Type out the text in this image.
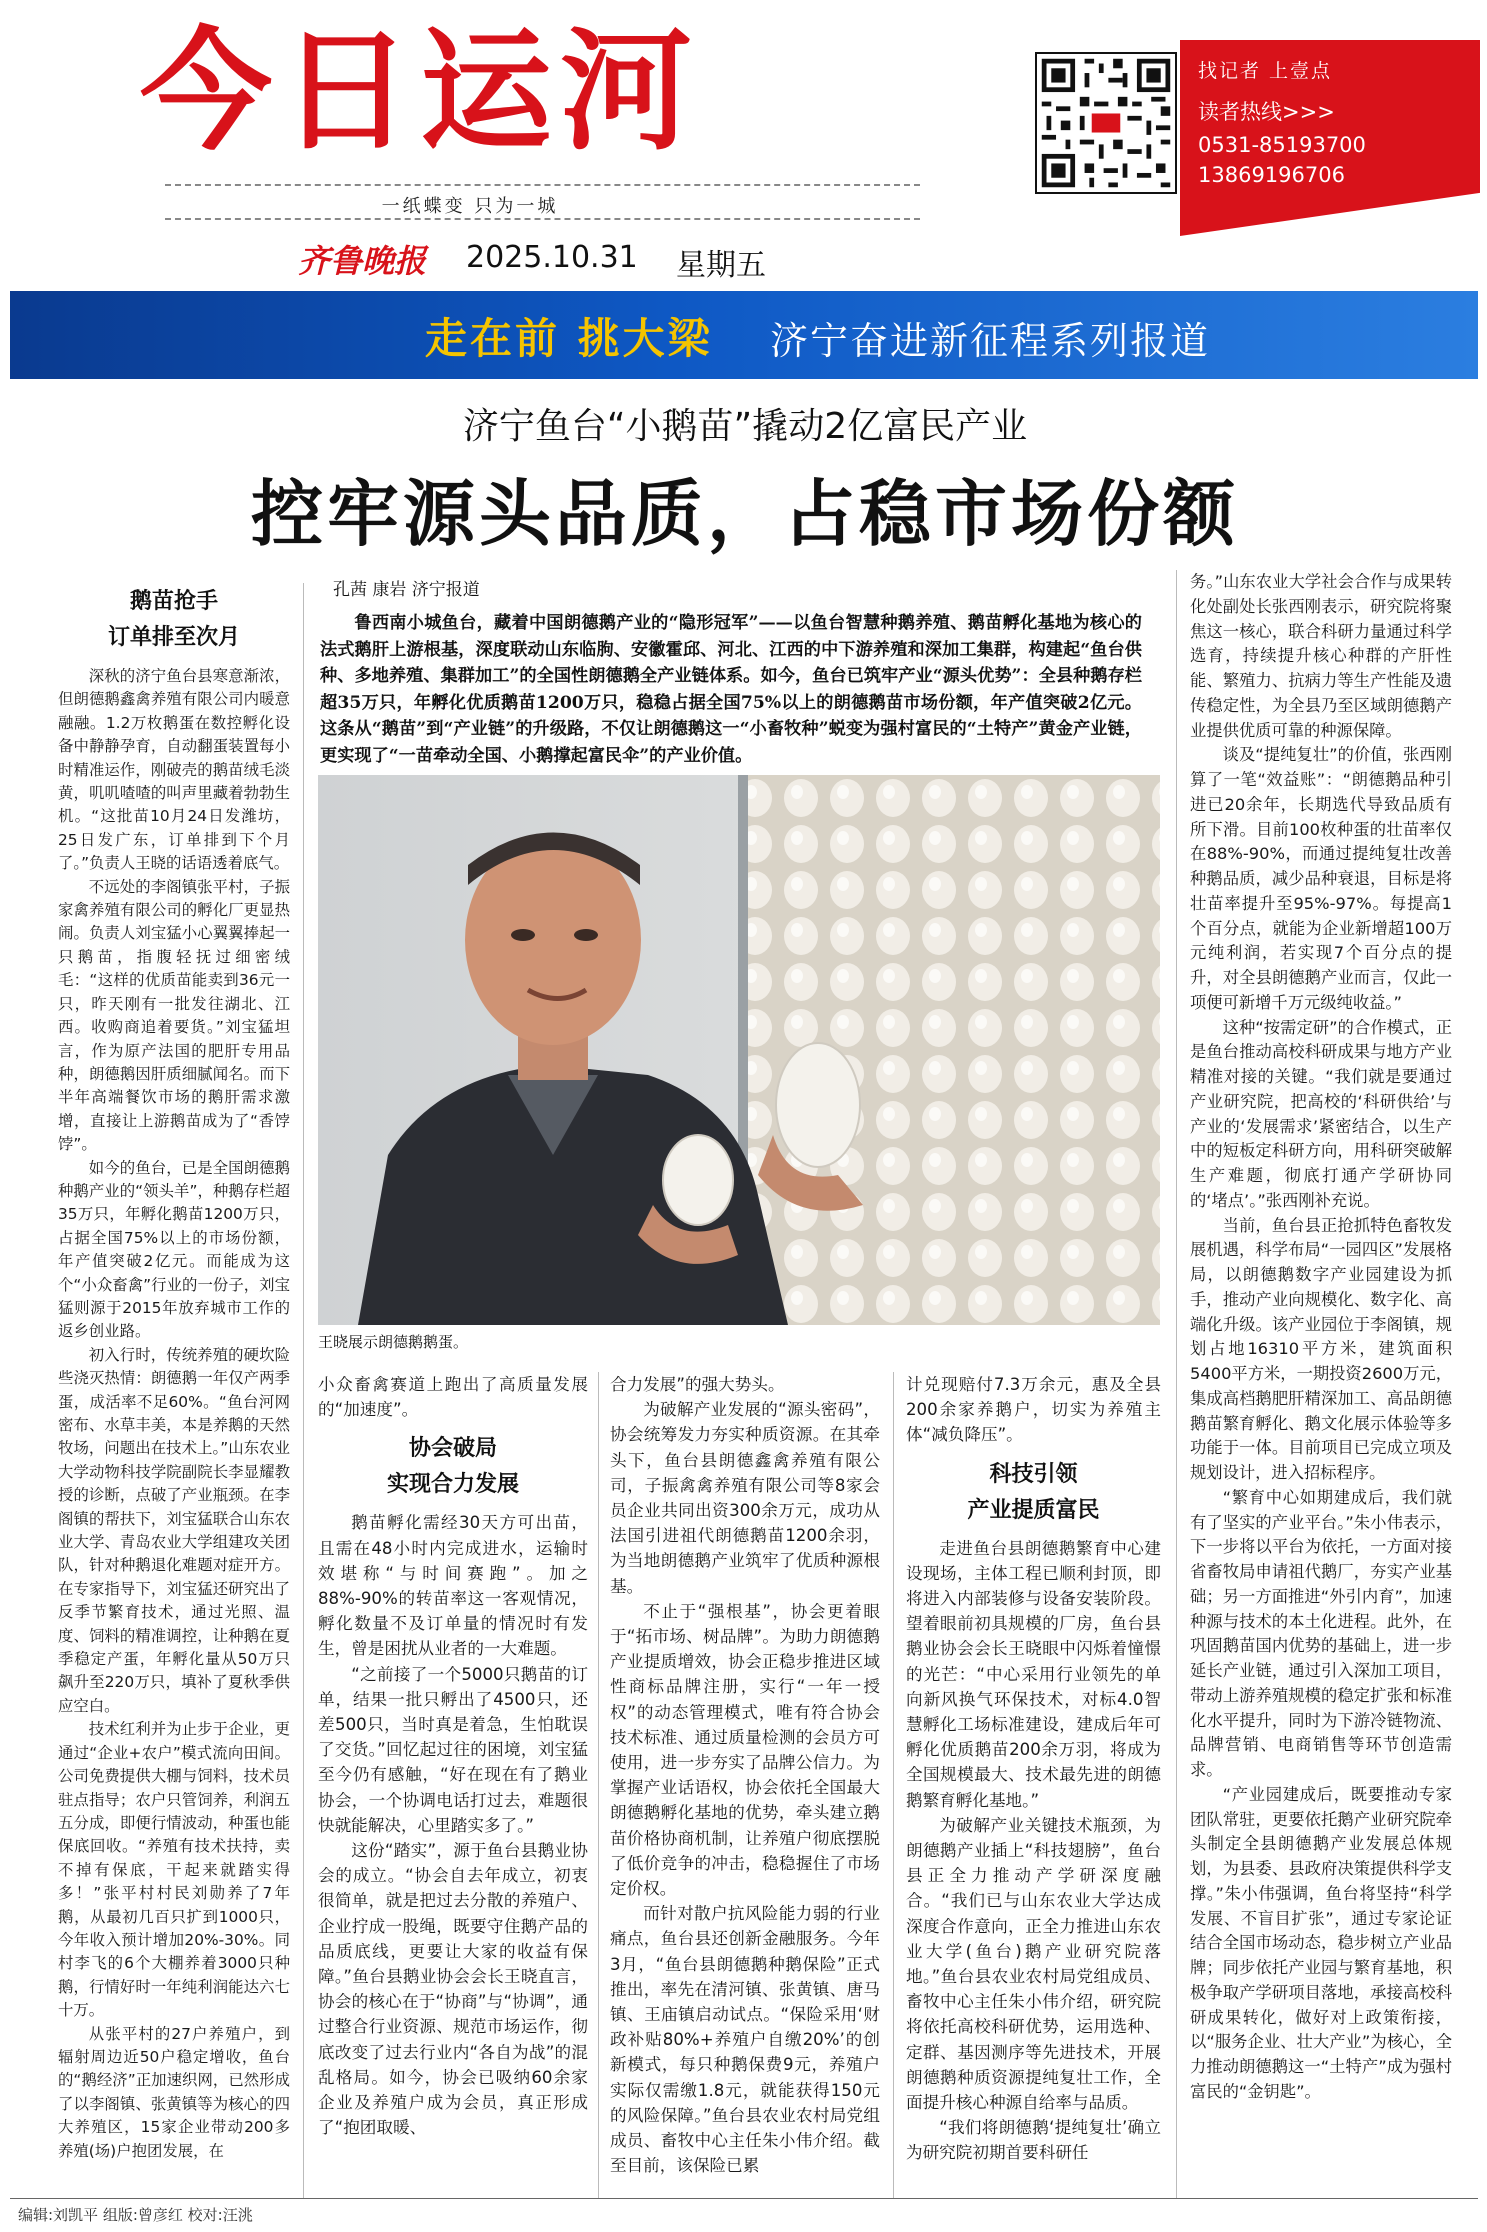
今日运河
一纸蝶变 只为一城
齐鲁晚报 2025.10.31 星期五
找记者 上壹点
读者热线>>>
0531-85193700
13869196706
走在前 挑大梁 济宁奋进新征程系列报道
济宁鱼台“小鹅苗”撬动2亿富民产业
控牢源头品质，占稳市场份额
鹅苗抢手
订单排至次月

深秋的济宁鱼台县寒意渐浓，但朗德鹅鑫禽养殖有限公司内暖意融融。1.2万枚鹅蛋在数控孵化设备中静静孕育，自动翻蛋装置每小时精准运作，刚破壳的鹅苗绒毛淡黄，叽叽喳喳的叫声里藏着勃勃生机。“这批苗10月24日发潍坊，25日发广东，订单排到下个月了。”负责人王晓的话语透着底气。

不远处的李阁镇张平村，子振家禽养殖有限公司的孵化厂更显热闹。负责人刘宝猛小心翼翼捧起一只鹅苗，指腹轻抚过细密绒毛：“这样的优质苗能卖到36元一只，昨天刚有一批发往湖北、江西。收购商追着要货。”刘宝猛坦言，作为原产法国的肥肝专用品种，朗德鹅因肝质细腻闻名。而下半年高端餐饮市场的鹅肝需求激增，直接让上游鹅苗成为了“香饽饽”。

如今的鱼台，已是全国朗德鹅种鹅产业的“领头羊”，种鹅存栏超35万只，年孵化鹅苗1200万只，占据全国75%以上的市场份额，年产值突破2亿元。而能成为这个“小众畜禽”行业的一份子，刘宝猛则源于2015年放弃城市工作的返乡创业路。

初入行时，传统养殖的硬坎险些浇灭热情：朗德鹅一年仅产两季蛋，成活率不足60%。“鱼台河网密布、水草丰美，本是养鹅的天然牧场，问题出在技术上。”山东农业大学动物科技学院副院长李显耀教授的诊断，点破了产业瓶颈。在李阁镇的帮扶下，刘宝猛联合山东农业大学、青岛农业大学组建攻关团队，针对种鹅退化难题对症开方。在专家指导下，刘宝猛还研究出了反季节繁育技术，通过光照、温度、饲料的精准调控，让种鹅在夏季稳定产蛋，年孵化量从50万只飙升至220万只，填补了夏秋季供应空白。

技术红利并为止步于企业，更通过“企业+农户”模式流向田间。公司免费提供大棚与饲料，技术员驻点指导；农户只管饲养，利润五五分成，即便行情波动，种蛋也能保底回收。“养殖有技术扶持，卖不掉有保底，干起来就踏实得多！”张平村村民刘勋养了7年鹅，从最初几百只扩到1000只，今年收入预计增加20%-30%。同村李飞的6个大棚养着3000只种鹅，行情好时一年纯利润能达六七十万。

从张平村的27户养殖户，到辐射周边近50户稳定增收，鱼台的“鹅经济”正加速织网，已然形成了以李阁镇、张黄镇等为核心的四大养殖区，15家企业带动200多养殖(场)户抱团发展，在

孔茜 康岩 济宁报道

鲁西南小城鱼台，藏着中国朗德鹅产业的“隐形冠军”——以鱼台智慧种鹅养殖、鹅苗孵化基地为核心的法式鹅肝上游根基，深度联动山东临朐、安徽霍邱、河北、江西的中下游养殖和深加工集群，构建起“鱼台供种、多地养殖、集群加工”的全国性朗德鹅全产业链体系。如今，鱼台已筑牢产业“源头优势”：全县种鹅存栏超35万只，年孵化优质鹅苗1200万只，稳稳占据全国75%以上的朗德鹅苗市场份额，年产值突破2亿元。这条从“鹅苗”到“产业链”的升级路，不仅让朗德鹅这一“小畜牧种”蜕变为强村富民的“土特产”黄金产业链，更实现了“一苗牵动全国、小鹅撑起富民伞”的产业价值。

王晓展示朗德鹅鹅蛋。

小众畜禽赛道上跑出了高质量发展的“加速度”。

协会破局
实现合力发展

鹅苗孵化需经30天方可出苗，且需在48小时内完成进水，运输时效堪称“与时间赛跑”。加之88%-90%的转苗率这一客观情况，孵化数量不及订单量的情况时有发生，曾是困扰从业者的一大难题。

“之前接了一个5000只鹅苗的订单，结果一批只孵出了4500只，还差500只，当时真是着急，生怕耽误了交货。”回忆起过往的困境，刘宝猛至今仍有感触，“好在现在有了鹅业协会，一个协调电话打过去，难题很快就能解决，心里踏实多了。”

这份“踏实”，源于鱼台县鹅业协会的成立。“协会自去年成立，初衷很简单，就是把过去分散的养殖户、企业拧成一股绳，既要守住鹅产品的品质底线，更要让大家的收益有保障。”鱼台县鹅业协会会长王晓直言，协会的核心在于“协商”与“协调”，通过整合行业资源、规范市场运作，彻底改变了过去行业内“各自为战”的混乱格局。如今，协会已吸纳60余家企业及养殖户成为会员，真正形成了“抱团取暖、

合力发展”的强大势头。

为破解产业发展的“源头密码”，协会统筹发力夯实种质资源。在其牵头下，鱼台县朗德鑫禽养殖有限公司，子振禽禽养殖有限公司等8家会员企业共同出资300余万元，成功从法国引进祖代朗德鹅苗1200余羽，为当地朗德鹅产业筑牢了优质种源根基。

不止于“强根基”，协会更着眼于“拓市场、树品牌”。为助力朗德鹅产业提质增效，协会正稳步推进区域性商标品牌注册，实行“一年一授权”的动态管理模式，唯有符合协会技术标准、通过质量检测的会员方可使用，进一步夯实了品牌公信力。为掌握产业话语权，协会依托全国最大朗德鹅孵化基地的优势，牵头建立鹅苗价格协商机制，让养殖户彻底摆脱了低价竞争的冲击，稳稳握住了市场定价权。

而针对散户抗风险能力弱的行业痛点，鱼台县还创新金融服务。今年3月，“鱼台县朗德鹅种鹅保险”正式推出，率先在清河镇、张黄镇、唐马镇、王庙镇启动试点。“保险采用‘财政补贴80%+养殖户自缴20%’的创新模式，每只种鹅保费9元，养殖户实际仅需缴1.8元，就能获得150元的风险保障。”鱼台县农业农村局党组成员、畜牧中心主任朱小伟介绍。截至目前，该保险已累

计兑现赔付7.3万余元，惠及全县200余家养鹅户，切实为养殖主体“减负降压”。

科技引领
产业提质富民

走进鱼台县朗德鹅繁育中心建设现场，主体工程已顺利封顶，即将进入内部装修与设备安装阶段。望着眼前初具规模的厂房，鱼台县鹅业协会会长王晓眼中闪烁着憧憬的光芒：“中心采用行业领先的单向新风换气环保技术，对标4.0智慧孵化工场标准建设，建成后年可孵化优质鹅苗200余万羽，将成为全国规模最大、技术最先进的朗德鹅繁育孵化基地。”

为破解产业关键技术瓶颈，为朗德鹅产业插上“科技翅膀”，鱼台县正全力推动产学研深度融合。“我们已与山东农业大学达成深度合作意向，正全力推进山东农业大学(鱼台)鹅产业研究院落地。”鱼台县农业农村局党组成员、畜牧中心主任朱小伟介绍，研究院将依托高校科研优势，运用选种、定群、基因测序等先进技术，开展朗德鹅种质资源提纯复壮工作，全面提升核心种源自给率与品质。

“我们将朗德鹅‘提纯复壮’确立为研究院初期首要科研任

务。”山东农业大学社会合作与成果转化处副处长张西刚表示，研究院将聚焦这一核心，联合科研力量通过科学选育，持续提升核心种群的产肝性能、繁殖力、抗病力等生产性能及遗传稳定性，为全县乃至区域朗德鹅产业提供优质可靠的种源保障。

谈及“提纯复壮”的价值，张西刚算了一笔“效益账”：“朗德鹅品种引进已20余年，长期选代导致品质有所下滑。目前100枚种蛋的壮苗率仅在88%-90%，而通过提纯复壮改善种鹅品质，减少品种衰退，目标是将壮苗率提升至95%-97%。每提高1个百分点，就能为企业新增超100万元纯利润，若实现7个百分点的提升，对全县朗德鹅产业而言，仅此一项便可新增千万元级纯收益。”

这种“按需定研”的合作模式，正是鱼台推动高校科研成果与地方产业精准对接的关键。“我们就是要通过产业研究院，把高校的‘科研供给’与产业的‘发展需求’紧密结合，以生产中的短板定科研方向，用科研突破解生产难题，彻底打通产学研协同的‘堵点’。”张西刚补充说。

当前，鱼台县正抢抓特色畜牧发展机遇，科学布局“一园四区”发展格局，以朗德鹅数字产业园建设为抓手，推动产业向规模化、数字化、高端化升级。该产业园位于李阁镇，规划占地16310平方米，建筑面积5400平方米，一期投资2600万元，集成高档鹅肥肝精深加工、高品朗德鹅苗繁育孵化、鹅文化展示体验等多功能于一体。目前项目已完成立项及规划设计，进入招标程序。

“繁育中心如期建成后，我们就有了坚实的产业平台。”朱小伟表示，下一步将以平台为依托，一方面对接省畜牧局申请祖代鹅厂，夯实产业基础；另一方面推进“外引内育”，加速种源与技术的本土化进程。此外，在巩固鹅苗国内优势的基础上，进一步延长产业链，通过引入深加工项目，带动上游养殖规模的稳定扩张和标准化水平提升，同时为下游冷链物流、品牌营销、电商销售等环节创造需求。

“产业园建成后，既要推动专家团队常驻，更要依托鹅产业研究院牵头制定全县朗德鹅产业发展总体规划，为县委、县政府决策提供科学支撑。”朱小伟强调，鱼台将坚持“科学发展、不盲目扩张”，通过专家论证结合全国市场动态，稳步树立产业品牌；同步依托产业园与繁育基地，积极争取产学研项目落地，承接高校科研成果转化，做好对上政策衔接，以“服务企业、壮大产业”为核心，全力推动朗德鹅这一“土特产”成为强村富民的“金钥匙”。

编辑:刘凯平 组版:曾彦红 校对:汪洮
